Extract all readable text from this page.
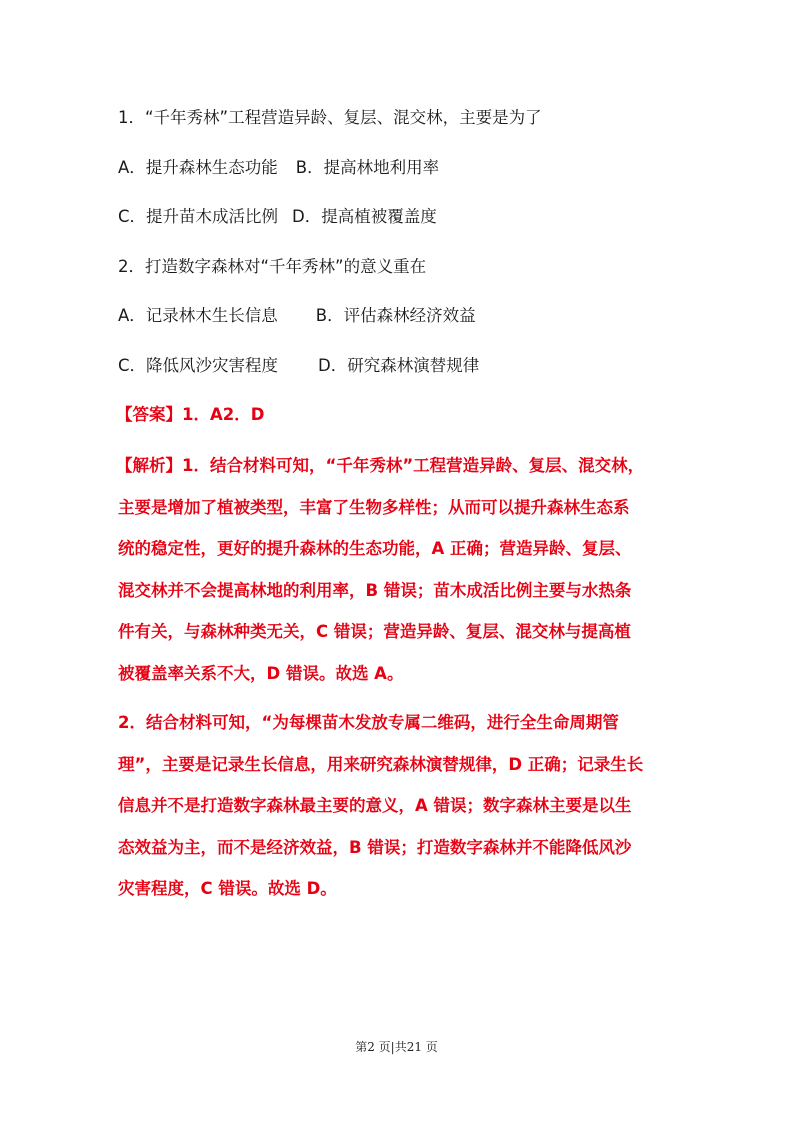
1．“千年秀林”工程营造异龄、复层、混交林，主要是为了

A．提升森林生态功能 B．提高林地利用率

C．提升苗木成活比例 D．提高植被覆盖度

2．打造数字森林对“千年秀林”的意义重在

A．记录林木生长信息 B．评估森林经济效益

C．降低风沙灾害程度 D．研究森林演替规律

【答案】1．A2．D

【解析】1．结合材料可知，“千年秀林”工程营造异龄、复层、混交林，

主要是增加了植被类型，丰富了生物多样性；从而可以提升森林生态系

统的稳定性，更好的提升森林的生态功能，A 正确；营造异龄、复层、

混交林并不会提高林地的利用率，B 错误；苗木成活比例主要与水热条

件有关，与森林种类无关，C 错误；营造异龄、复层、混交林与提高植

被覆盖率关系不大，D 错误。故选 A。

2．结合材料可知，“为每棵苗木发放专属二维码，进行全生命周期管

理”，主要是记录生长信息，用来研究森林演替规律，D 正确；记录生长

信息并不是打造数字森林最主要的意义，A 错误；数字森林主要是以生

态效益为主，而不是经济效益，B 错误；打造数字森林并不能降低风沙

灾害程度，C 错误。故选 D。

第2 页|共21 页
